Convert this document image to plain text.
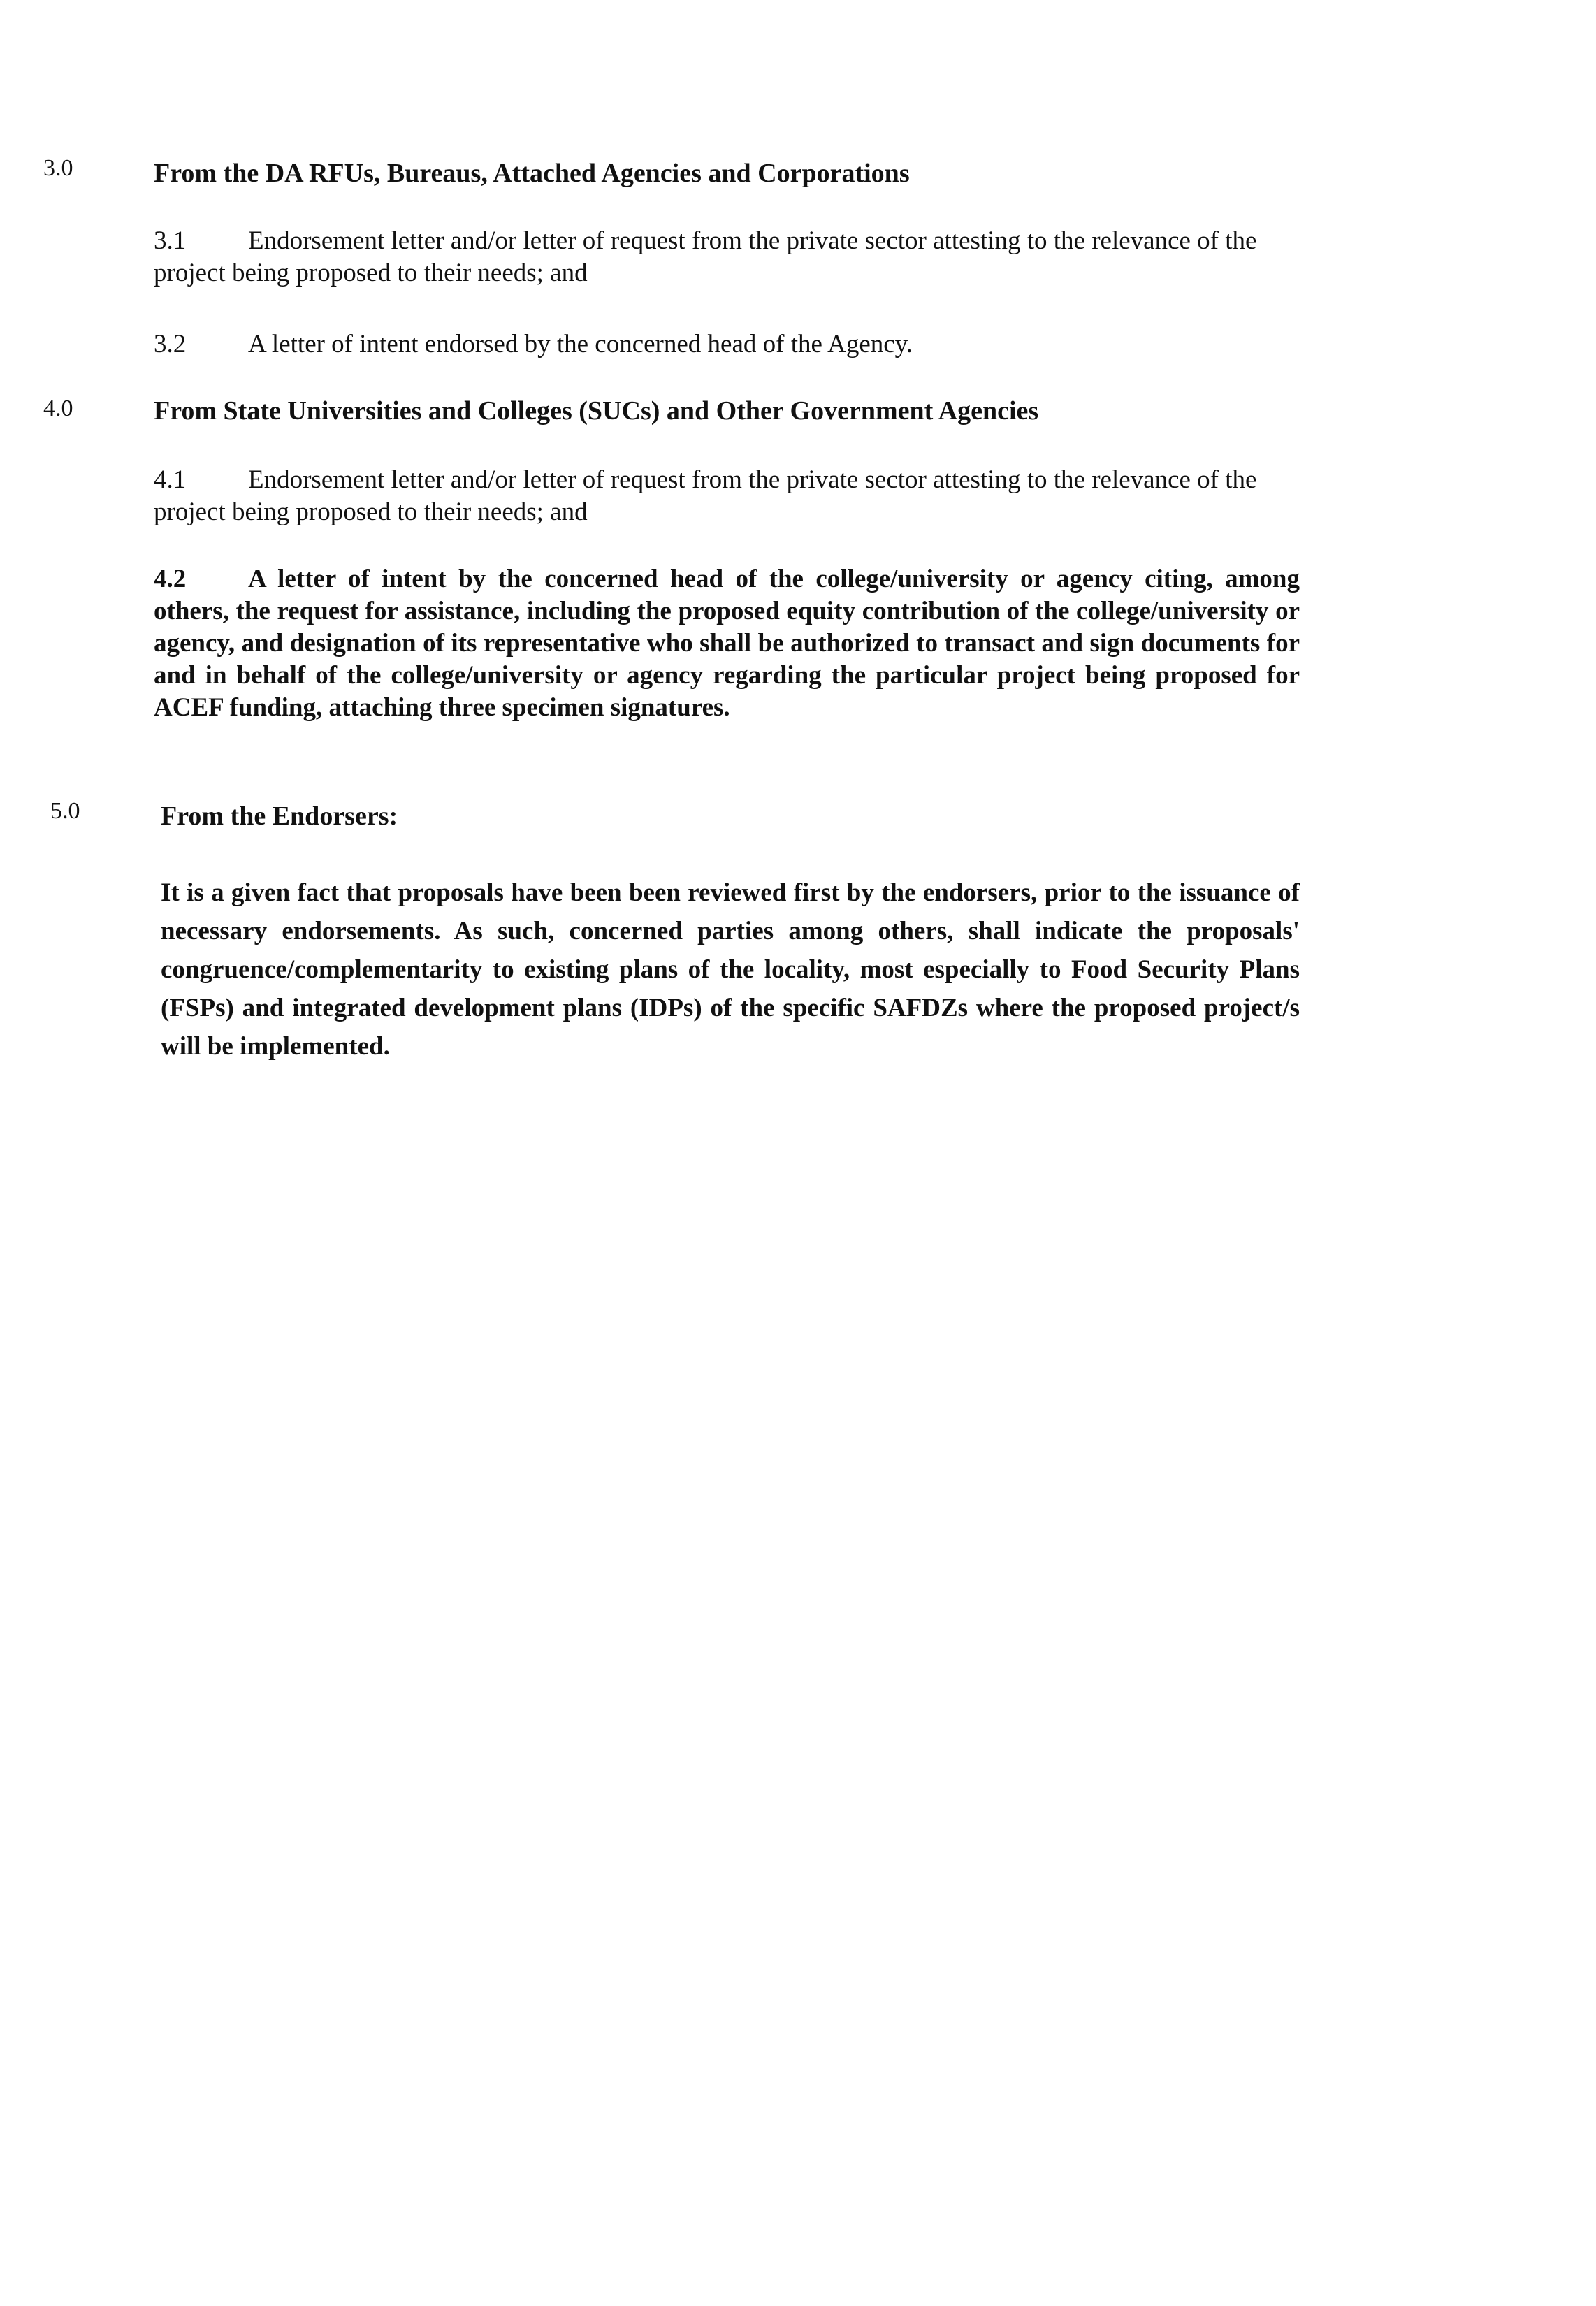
3.0	From the DA RFUs, Bureaus, Attached Agencies and Corporations

3.1 Endorsement letter and/or letter of request from the private sector attesting to the relevance of the project being proposed to their needs; and

3.2 A letter of intent endorsed by the concerned head of the Agency.

4.0	From State Universities and Colleges (SUCs) and Other Government Agencies

4.1 Endorsement letter and/or letter of request from the private sector attesting to the relevance of the project being proposed to their needs; and

4.2 A letter of intent by the concerned head of the college/university or agency citing, among others, the request for assistance, including the proposed equity contribution of the college/university or agency, and designation of its representative who shall be authorized to transact and sign documents for and in behalf of the college/university or agency regarding the particular project being proposed for ACEF funding, attaching three specimen signatures.

5.0	From the Endorsers:

It is a given fact that proposals have been been reviewed first by the endorsers, prior to the issuance of necessary endorsements. As such, concerned parties among others, shall indicate the proposals' congruence/complementarity to existing plans of the locality, most especially to Food Security Plans (FSPs) and integrated development plans (IDPs) of the specific SAFDZs where the proposed project/s will be implemented.
